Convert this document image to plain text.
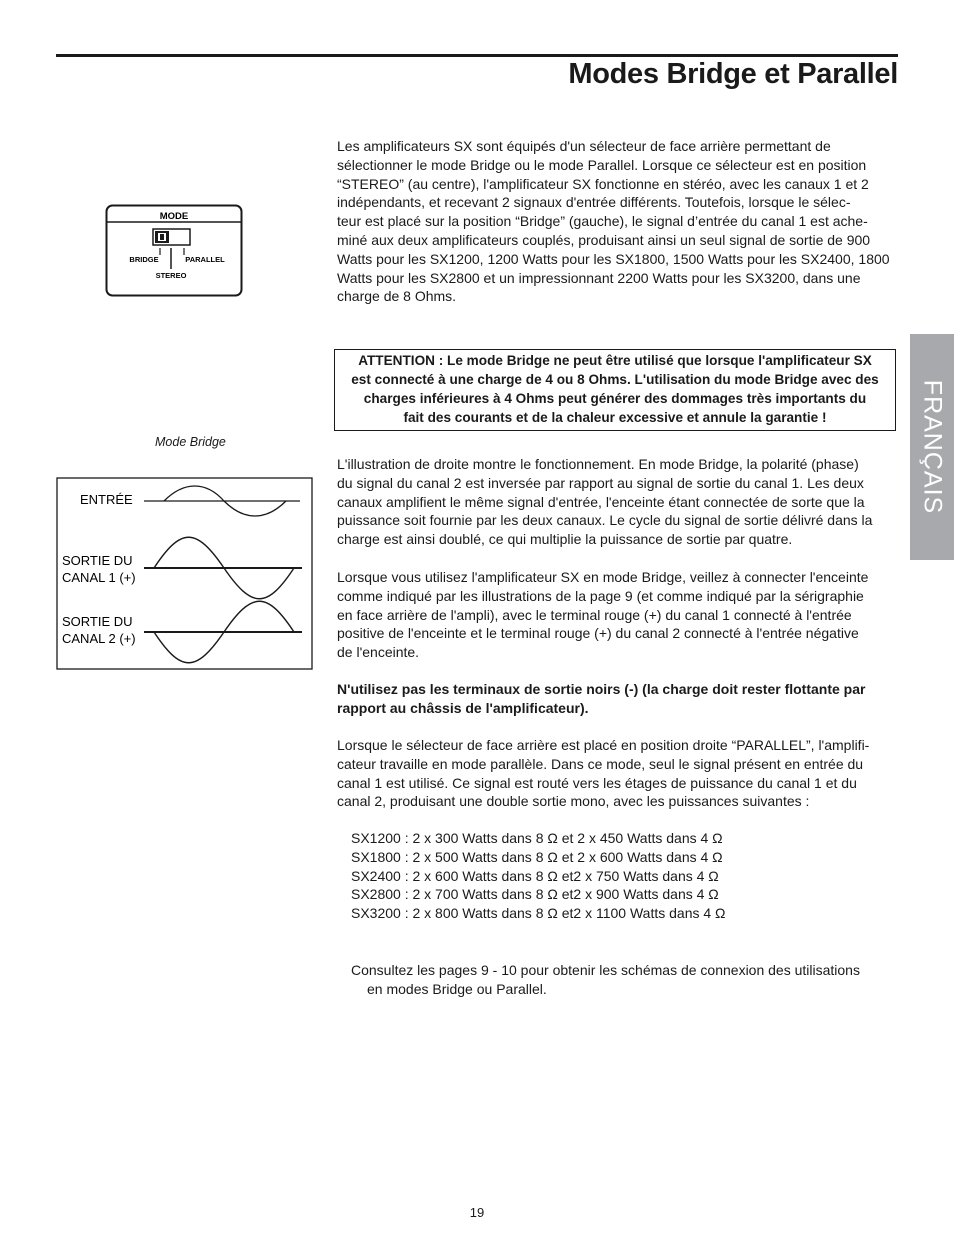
Modes Bridge et Parallel
FRANÇAIS
MODE
BRIDGE	PARALLEL
STEREO

Les amplificateurs SX sont équipés d'un sélecteur de face arrière permettant de

sélectionner le mode Bridge ou le mode Parallel. Lorsque ce sélecteur est en position

“STEREO” (au centre), l'amplificateur SX fonctionne en stéréo, avec les canaux 1 et 2

indépendants, et recevant 2 signaux d'entrée différents. Toutefois, lorsque le sélec-

teur est placé sur la position “Bridge” (gauche), le signal d’entrée du canal 1 est ache-

miné aux deux amplificateurs couplés, produisant ainsi un seul signal de sortie de 900

Watts pour les SX1200, 1200 Watts pour les SX1800, 1500 Watts pour les SX2400, 1800

Watts pour les SX2800 et un impressionnant 2200 Watts pour les SX3200, dans une

charge de 8 Ohms.

ATTENTION : Le mode Bridge ne peut être utilisé que lorsque l'amplificateur SX
est connecté à une charge de 4 ou 8 Ohms. L'utilisation du mode Bridge avec des
charges inférieures à 4 Ohms peut générer des dommages très importants du
fait des courants et de la chaleur excessive et annule la garantie !

Mode Bridge
ENTRÉE
SORTIE DU
CANAL 1 (+)
SORTIE DU
CANAL 2 (+)

L'illustration de droite montre le fonctionnement. En mode Bridge, la polarité (phase)

du signal du canal 2 est inversée par rapport au signal de sortie du canal 1. Les deux

canaux amplifient le même signal d'entrée, l'enceinte étant connectée de sorte que la

puissance soit fournie par les deux canaux. Le cycle du signal de sortie délivré dans la

charge est ainsi doublé, ce qui multiplie la puissance de sortie par quatre.

Lorsque vous utilisez l'amplificateur SX en mode Bridge, veillez à connecter l'enceinte

comme indiqué par les illustrations de la page 9 (et comme indiqué par la sérigraphie

en face arrière de l'ampli), avec le terminal rouge (+) du canal 1 connecté à l'entrée

positive de l'enceinte et le terminal rouge (+) du canal 2 connecté à l'entrée négative

de l'enceinte.

N'utilisez pas les terminaux de sortie noirs (-) (la charge doit rester flottante par

rapport au châssis de l'amplificateur).

Lorsque le sélecteur de face arrière est placé en position droite “PARALLEL”, l'amplifi-

cateur travaille en mode parallèle. Dans ce mode, seul le signal présent en entrée du

canal 1 est utilisé. Ce signal est routé vers les étages de puissance du canal 1 et du

canal 2, produisant une double sortie mono, avec les puissances suivantes :

SX1200 : 2 x 300 Watts dans 8 Ω et 2 x 450 Watts dans 4 Ω
SX1800 : 2 x 500 Watts dans 8 Ω et 2 x 600 Watts dans 4 Ω
SX2400 : 2 x 600 Watts dans 8 Ω et2 x 750 Watts dans 4 Ω
SX2800 : 2 x 700 Watts dans 8 Ω et2 x 900 Watts dans 4 Ω
SX3200 : 2 x 800 Watts dans 8 Ω et2 x 1100 Watts dans 4 Ω
Consultez les pages 9 - 10 pour obtenir les schémas de connexion des utilisations
en modes Bridge ou Parallel.
19
